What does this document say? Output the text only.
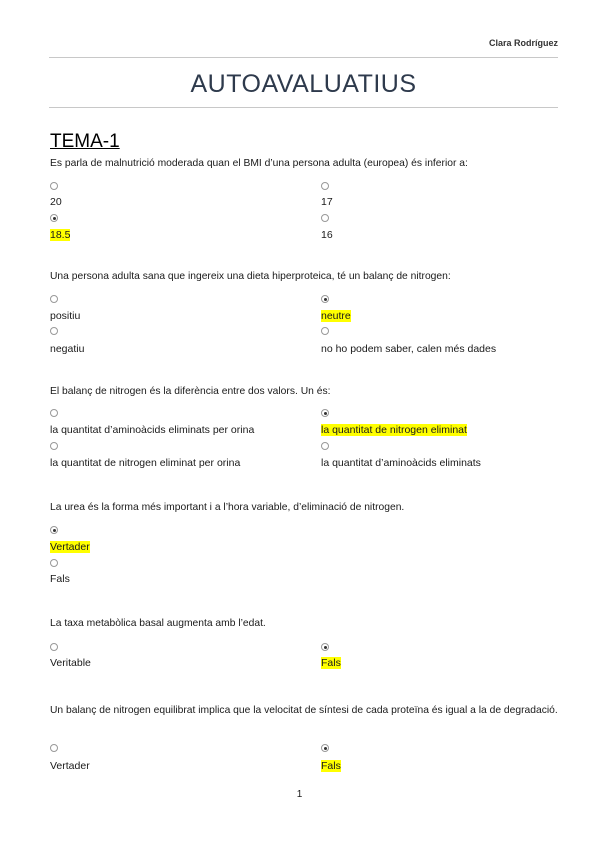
Clara Rodríguez
AUTOAVALUATIUS
TEMA-1
Es parla de malnutrició moderada quan el BMI d’una persona adulta (europea) és inferior a:
20	17
18.5	16
Una persona adulta sana que ingereix una dieta hiperproteica, té un balanç de nitrogen:
positiu	neutre
negatiu	no ho podem saber, calen més dades
El balanç de nitrogen és la diferència entre dos valors. Un és:
la quantitat d’aminoàcids eliminats per orina	la quantitat de nitrogen eliminat
la quantitat de nitrogen eliminat per orina	la quantitat d’aminoàcids eliminats
La urea és la forma més important i a l’hora variable, d’eliminació de nitrogen.
Vertader
Fals
La taxa metabòlica basal augmenta amb l’edat.
Veritable	Fals
Un balanç de nitrogen equilibrat implica que la velocitat de síntesi de cada proteïna és igual a la de degradació.
Vertader	Fals
1
